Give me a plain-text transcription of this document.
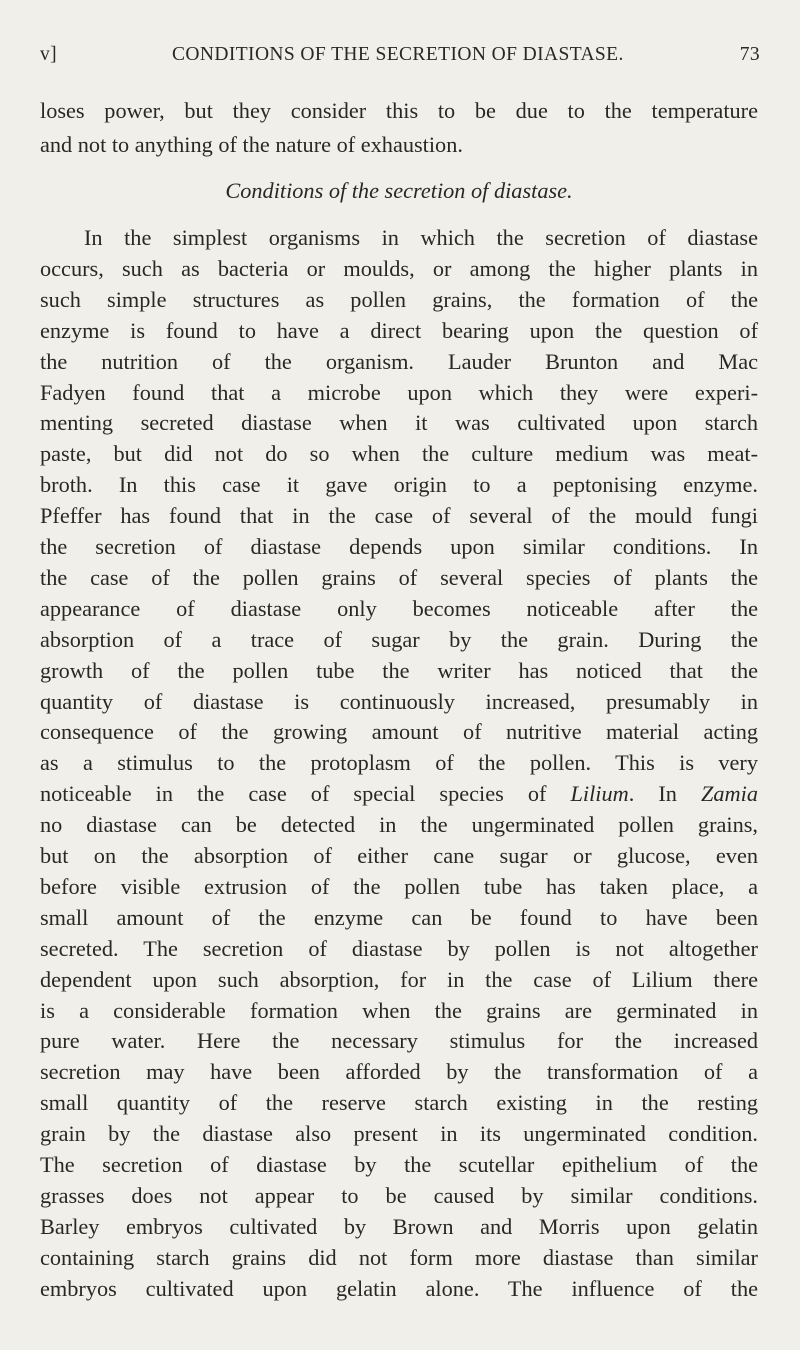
v]	CONDITIONS OF THE SECRETION OF DIASTASE.	73
loses power, but they consider this to be due to the temperature
and not to anything of the nature of exhaustion.
Conditions of the secretion of diastase.
In the simplest organisms in which the secretion of diastase
occurs, such as bacteria or moulds, or among the higher plants in
such simple structures as pollen grains, the formation of the
enzyme is found to have a direct bearing upon the question of
the nutrition of the organism. Lauder Brunton and Mac
Fadyen found that a microbe upon which they were experi-
menting secreted diastase when it was cultivated upon starch
paste, but did not do so when the culture medium was meat-
broth. In this case it gave origin to a peptonising enzyme.
Pfeffer has found that in the case of several of the mould fungi
the secretion of diastase depends upon similar conditions. In
the case of the pollen grains of several species of plants the
appearance of diastase only becomes noticeable after the
absorption of a trace of sugar by the grain. During the
growth of the pollen tube the writer has noticed that the
quantity of diastase is continuously increased, presumably in
consequence of the growing amount of nutritive material acting
as a stimulus to the protoplasm of the pollen. This is very
noticeable in the case of special species of Lilium. In Zamia
no diastase can be detected in the ungerminated pollen grains,
but on the absorption of either cane sugar or glucose, even
before visible extrusion of the pollen tube has taken place, a
small amount of the enzyme can be found to have been
secreted. The secretion of diastase by pollen is not altogether
dependent upon such absorption, for in the case of Lilium there
is a considerable formation when the grains are germinated in
pure water. Here the necessary stimulus for the increased
secretion may have been afforded by the transformation of a
small quantity of the reserve starch existing in the resting
grain by the diastase also present in its ungerminated condition.
The secretion of diastase by the scutellar epithelium of the
grasses does not appear to be caused by similar conditions.
Barley embryos cultivated by Brown and Morris upon gelatin
containing starch grains did not form more diastase than similar
embryos cultivated upon gelatin alone. The influence of the
